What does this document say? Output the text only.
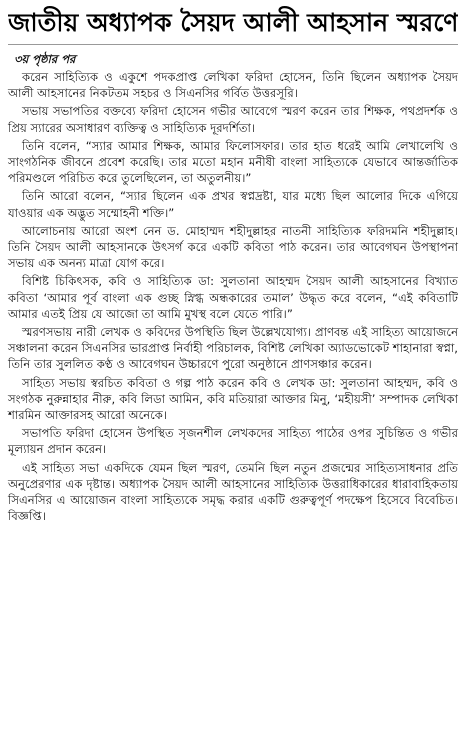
জাতীয় অধ্যাপক সৈয়দ আলী আহসান স্মরণে
৩য় পৃষ্ঠার পর

করেন সাহিত্যিক ও একুশে পদকপ্রাপ্ত লেখিকা ফরিদা হোসেন, তিনি ছিলেন অধ্যাপক সৈয়দ আলী আহসানের নিকটতম সহচর ও সিএনসির গর্বিত উত্তরসূরি।

সভায় সভাপতির বক্তব্যে ফরিদা হোসেন গভীর আবেগে স্মরণ করেন তার শিক্ষক, পথপ্রদর্শক ও প্রিয় স্যারের অসাধারণ ব্যক্তিত্ব ও সাহিত্যিক দূরদর্শিতা।

তিনি বলেন, “স্যার আমার শিক্ষক, আমার ফিলোসফার। তার হাত ধরেই আমি লেখালেখি ও সাংগঠনিক জীবনে প্রবেশ করেছি। তার মতো মহান মনীষী বাংলা সাহিত্যকে যেভাবে আন্তর্জাতিক পরিমণ্ডলে পরিচিত করে তুলেছিলেন, তা অতুলনীয়।”

তিনি আরো বলেন, “স্যার ছিলেন এক প্রখর স্বপ্নদ্রষ্টা, যার মধ্যে ছিল আলোর দিকে এগিয়ে যাওয়ার এক অদ্ভুত সম্মোহনী শক্তি।”

আলোচনায় আরো অংশ নেন ড. মোহাম্মদ শহীদুল্লাহর নাতনী সাহিত্যিক ফরিদমনি শহীদুল্লাহ। তিনি সৈয়দ আলী আহসানকে উৎসর্গ করে একটি কবিতা পাঠ করেন। তার আবেগঘন উপস্থাপনা সভায় এক অনন্য মাত্রা যোগ করে।

বিশিষ্ট চিকিৎসক, কবি ও সাহিত্যিক ডা: সুলতানা আহম্মদ সৈয়দ আলী আহসানের বিখ্যাত কবিতা ‘আমার পূর্ব বাংলা এক গুচ্ছ স্নিগ্ধ অন্ধকারের তমাল’ উদ্ধৃত করে বলেন, “এই কবিতাটি আমার এতই প্রিয় যে আজো তা আমি মুখস্থ বলে যেতে পারি।”

স্মরণসভায় নারী লেখক ও কবিদের উপস্থিতি ছিল উল্লেখযোগ্য। প্রাণবন্ত এই সাহিত্য আয়োজনে সঞ্চালনা করেন সিএনসির ভারপ্রাপ্ত নির্বাহী পরিচালক, বিশিষ্ট লেখিকা অ্যাডভোকেট শাহানারা স্বপ্না, তিনি তার সুললিত কণ্ঠ ও আবেগঘন উচ্চারণে পুরো অনুষ্ঠানে প্রাণসঞ্চার করেন।

সাহিত্য সভায় স্বরচিত কবিতা ও গল্প পাঠ করেন কবি ও লেখক ডা: সুলতানা আহম্মদ, কবি ও সংগঠক নুরুন্নাহার নীরু, কবি লিডা আমিন, কবি মতিয়ারা আক্তার মিনু, ‘মহীয়সী’ সম্পাদক লেখিকা শারমিন আক্তারসহ আরো অনেকে।

সভাপতি ফরিদা হোসেন উপস্থিত সৃজনশীল লেখকদের সাহিত্য পাঠের ওপর সুচিন্তিত ও গভীর মূল্যায়ন প্রদান করেন।

এই সাহিত্য সভা একদিকে যেমন ছিল স্মরণ, তেমনি ছিল নতুন প্রজন্মের সাহিত্যসাধনার প্রতি অনুপ্রেরণার এক দৃষ্টান্ত। অধ্যাপক সৈয়দ আলী আহসানের সাহিত্যিক উত্তরাধিকারের ধারাবাহিকতায় সিএনসির এ আয়োজন বাংলা সাহিত্যকে সমৃদ্ধ করার একটি গুরুত্বপূর্ণ পদক্ষেপ হিসেবে বিবেচিত। বিজ্ঞপ্তি।
